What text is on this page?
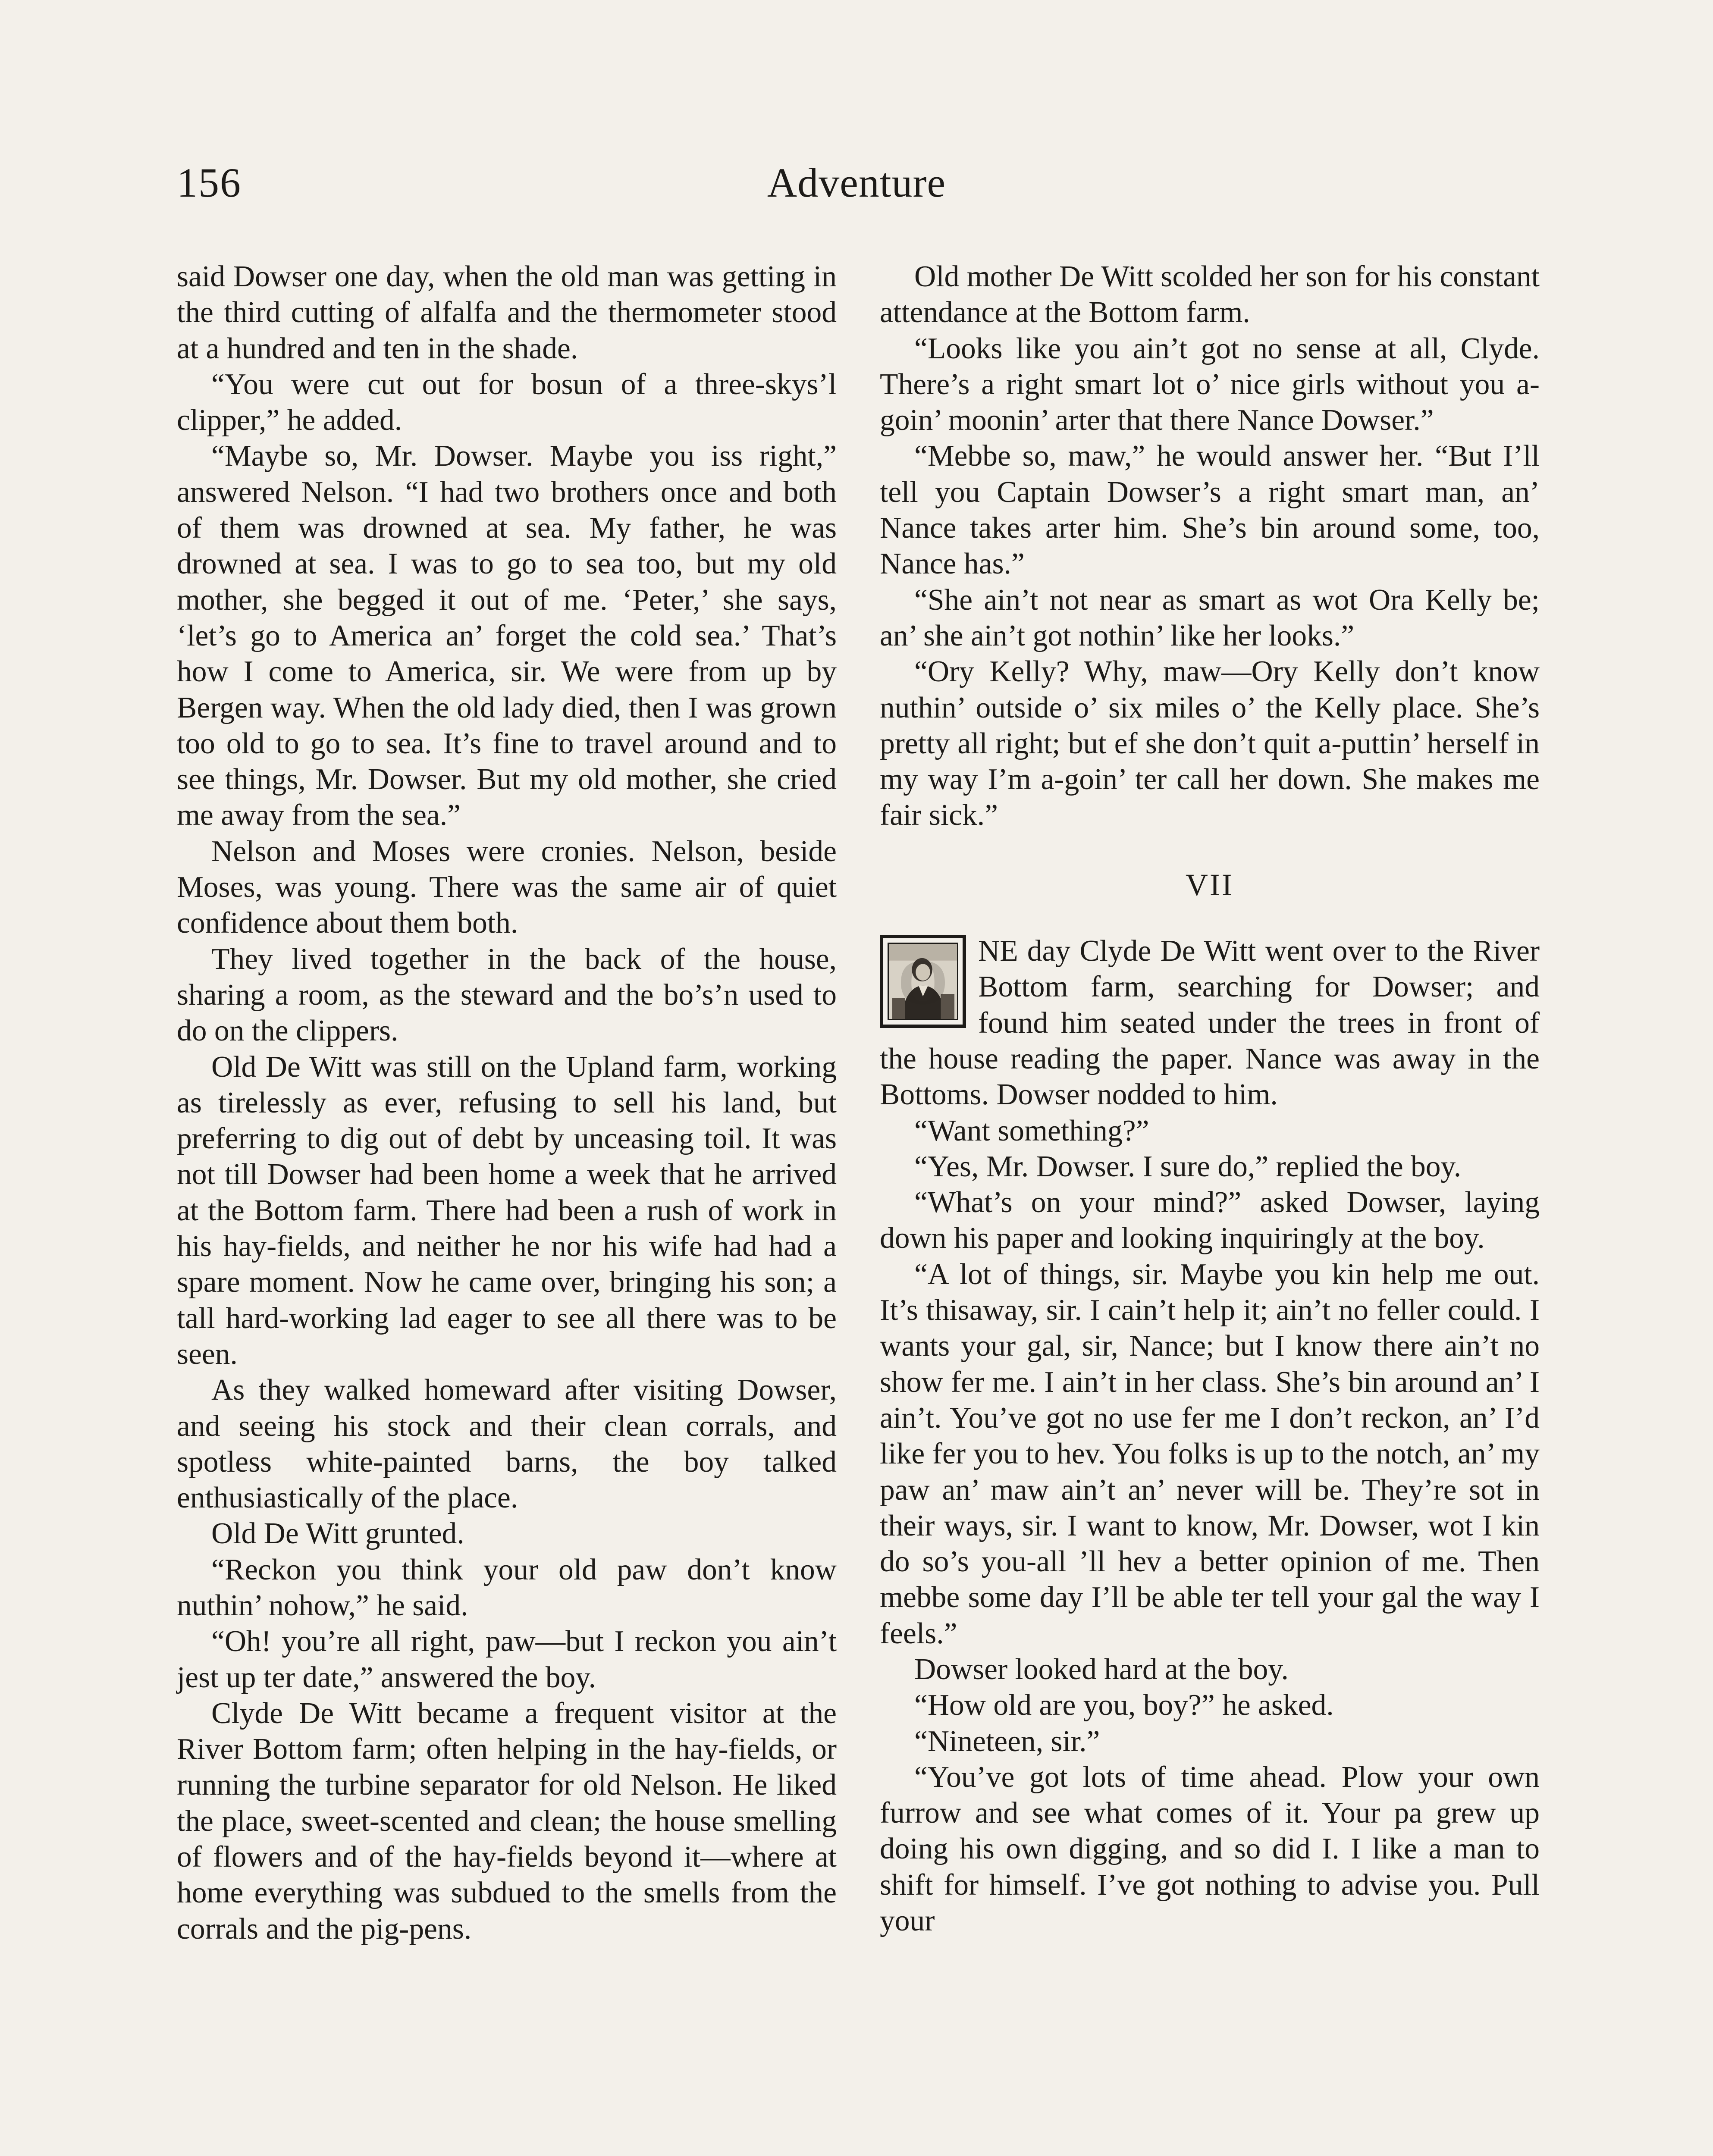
156	Adventure

said Dowser one day, when the old man was getting in the third cutting of alfalfa and the thermometer stood at a hundred and ten in the shade.

“You were cut out for bosun of a three-skys’l clipper,” he added.

“Maybe so, Mr. Dowser. Maybe you iss right,” answered Nelson. “I had two brothers once and both of them was drowned at sea. My father, he was drowned at sea. I was to go to sea too, but my old mother, she begged it out of me. ‘Peter,’ she says, ‘let’s go to America an’ forget the cold sea.’ That’s how I come to America, sir. We were from up by Bergen way. When the old lady died, then I was grown too old to go to sea. It’s fine to travel around and to see things, Mr. Dowser. But my old mother, she cried me away from the sea.”

Nelson and Moses were cronies. Nelson, beside Moses, was young. There was the same air of quiet confidence about them both.

They lived together in the back of the house, sharing a room, as the steward and the bo’s’n used to do on the clippers.

Old De Witt was still on the Upland farm, working as tirelessly as ever, refusing to sell his land, but preferring to dig out of debt by unceasing toil. It was not till Dowser had been home a week that he arrived at the Bottom farm. There had been a rush of work in his hay-fields, and neither he nor his wife had had a spare moment. Now he came over, bringing his son; a tall hard-working lad eager to see all there was to be seen.

As they walked homeward after visiting Dowser, and seeing his stock and their clean corrals, and spotless white-painted barns, the boy talked enthusiastically of the place.

Old De Witt grunted.

“Reckon you think your old paw don’t know nuthin’ nohow,” he said.

“Oh! you’re all right, paw—but I reckon you ain’t jest up ter date,” answered the boy.

Clyde De Witt became a frequent visitor at the River Bottom farm; often helping in the hay-fields, or running the turbine separator for old Nelson. He liked the place, sweet-scented and clean; the house smelling of flowers and of the hay-fields beyond it—where at home everything was subdued to the smells from the corrals and the pig-pens.

Old mother De Witt scolded her son for his constant attendance at the Bottom farm.

“Looks like you ain’t got no sense at all, Clyde. There’s a right smart lot o’ nice girls without you a-goin’ moonin’ arter that there Nance Dowser.”

“Mebbe so, maw,” he would answer her. “But I’ll tell you Captain Dowser’s a right smart man, an’ Nance takes arter him. She’s bin around some, too, Nance has.”

“She ain’t not near as smart as wot Ora Kelly be; an’ she ain’t got nothin’ like her looks.”

“Ory Kelly? Why, maw—Ory Kelly don’t know nuthin’ outside o’ six miles o’ the Kelly place. She’s pretty all right; but ef she don’t quit a-puttin’ herself in my way I’m a-goin’ ter call her down. She makes me fair sick.”

VII
O	NE day Clyde De Witt went over to the River Bottom farm, searching for Dowser; and found him seated under the trees in front of the house reading the paper. Nance was away in the Bottoms. Dowser nodded to him.

“Want something?”

“Yes, Mr. Dowser. I sure do,” replied the boy.

“What’s on your mind?” asked Dowser, laying down his paper and looking inquiringly at the boy.

“A lot of things, sir. Maybe you kin help me out. It’s thisaway, sir. I cain’t help it; ain’t no feller could. I wants your gal, sir, Nance; but I know there ain’t no show fer me. I ain’t in her class. She’s bin around an’ I ain’t. You’ve got no use fer me I don’t reckon, an’ I’d like fer you to hev. You folks is up to the notch, an’ my paw an’ maw ain’t an’ never will be. They’re sot in their ways, sir. I want to know, Mr. Dowser, wot I kin do so’s you-all ’ll hev a better opinion of me. Then mebbe some day I’ll be able ter tell your gal the way I feels.”

Dowser looked hard at the boy.

“How old are you, boy?” he asked.

“Nineteen, sir.”

“You’ve got lots of time ahead. Plow your own furrow and see what comes of it. Your pa grew up doing his own digging, and so did I. I like a man to shift for himself. I’ve got nothing to advise you. Pull your
